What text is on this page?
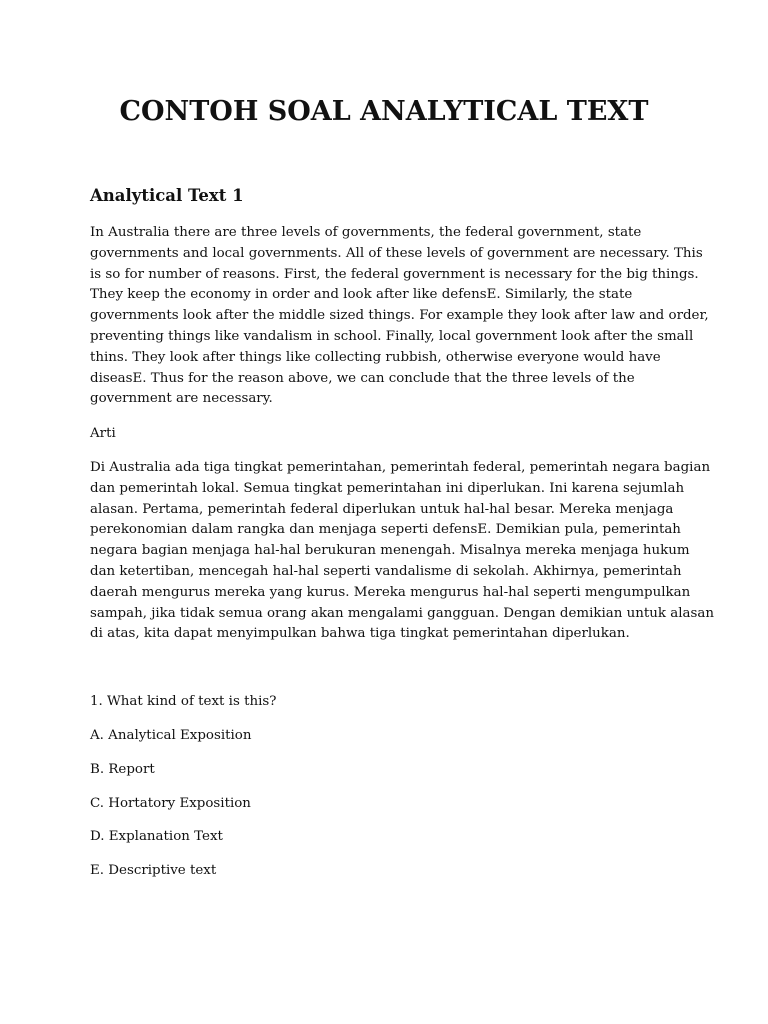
CONTOH SOAL ANALYTICAL TEXT
Analytical Text 1
In Australia there are three levels of governments, the federal government, state
governments and local governments. All of these levels of government are necessary. This
is so for number of reasons. First, the federal government is necessary for the big things.
They keep the economy in order and look after like defensE. Similarly, the state
governments look after the middle sized things. For example they look after law and order,
preventing things like vandalism in school. Finally, local government look after the small
thins. They look after things like collecting rubbish, otherwise everyone would have
diseasE. Thus for the reason above, we can conclude that the three levels of the
government are necessary.

Arti

Di Australia ada tiga tingkat pemerintahan, pemerintah federal, pemerintah negara bagian
dan pemerintah lokal. Semua tingkat pemerintahan ini diperlukan. Ini karena sejumlah
alasan. Pertama, pemerintah federal diperlukan untuk hal-hal besar. Mereka menjaga
perekonomian dalam rangka dan menjaga seperti defensE. Demikian pula, pemerintah
negara bagian menjaga hal-hal berukuran menengah. Misalnya mereka menjaga hukum
dan ketertiban, mencegah hal-hal seperti vandalisme di sekolah. Akhirnya, pemerintah
daerah mengurus mereka yang kurus. Mereka mengurus hal-hal seperti mengumpulkan
sampah, jika tidak semua orang akan mengalami gangguan. Dengan demikian untuk alasan
di atas, kita dapat menyimpulkan bahwa tiga tingkat pemerintahan diperlukan.

1. What kind of text is this?

A. Analytical Exposition

B. Report

C. Hortatory Exposition

D. Explanation Text

E. Descriptive text
